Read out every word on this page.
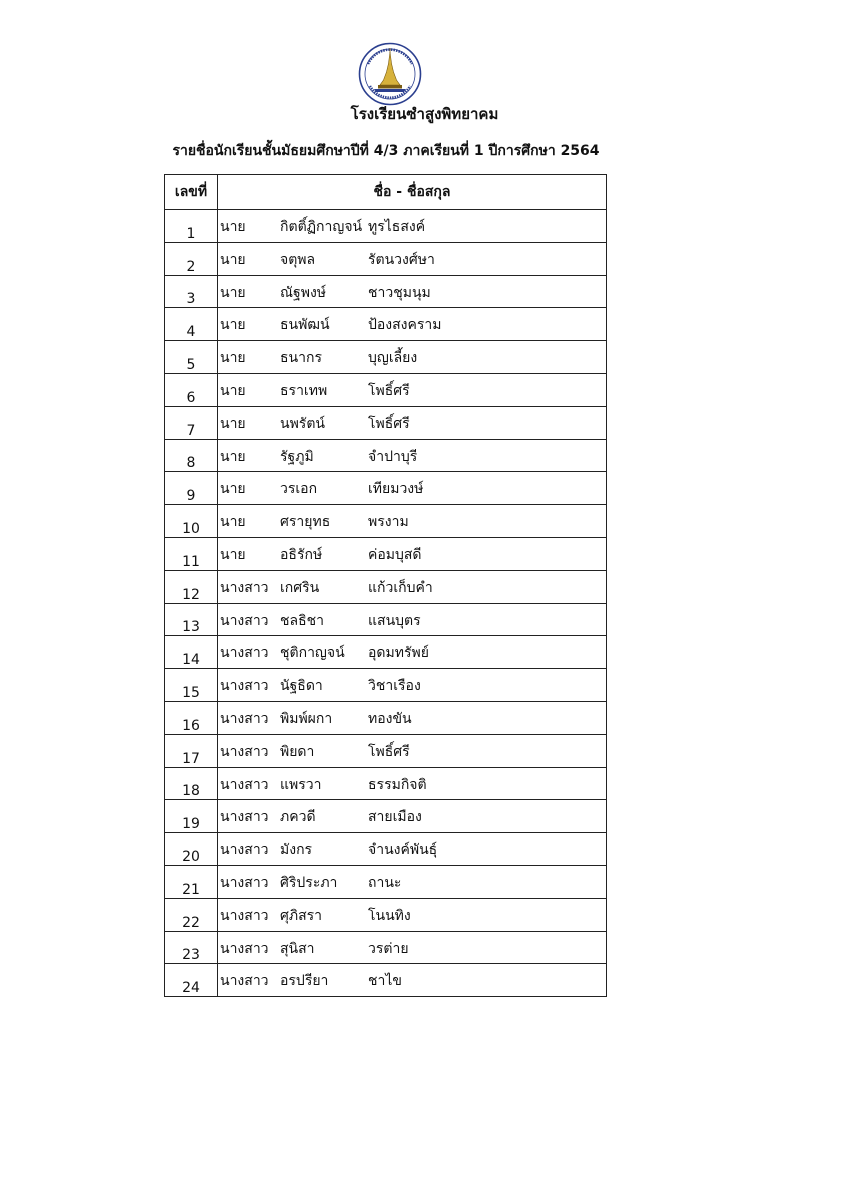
โรงเรียนซำสูงพิทยาคม
รายชื่อนักเรียนชั้นมัธยมศึกษาปีที่ 4/3 ภาคเรียนที่ 1 ปีการศึกษา 2564
เลขที่	ชื่อ - ชื่อสกุล
1	นาย กิตติ์ฏิกาญจน์ ทูรไธสงค์

2	นาย จตุพล รัตนวงศ์ษา

3	นาย ณัฐพงษ์ ชาวชุมนุม

4	นาย ธนพัฒน์ ป้องสงคราม

5	นาย ธนากร บุญเลี้ยง

6	นาย ธราเทพ โพธิ์ศรี

7	นาย นพรัตน์ โพธิ์ศรี

8	นาย รัฐภูมิ จำปาบุรี

9	นาย วรเอก เทียมวงษ์

10	นาย ศรายุทธ พรงาม

11	นาย อธิรักษ์ ค่อมบุสดี

12	นางสาว เกศริน แก้วเก็บคำ

13	นางสาว ชลธิชา แสนบุตร

14	นางสาว ชุติกาญจน์ อุดมทรัพย์

15	นางสาว นัฐธิดา วิชาเรือง

16	นางสาว พิมพ์ผกา ทองขัน

17	นางสาว พิยดา โพธิ์ศรี

18	นางสาว แพรวา ธรรมกิจติ

19	นางสาว ภควดี สายเมือง

20	นางสาว มังกร จำนงค์พันธุ์

21	นางสาว ศิริประภา ถานะ

22	นางสาว ศุภิสรา โนนทิง

23	นางสาว สุนิสา วรต่าย

24	นางสาว อรปรียา ชาไข
